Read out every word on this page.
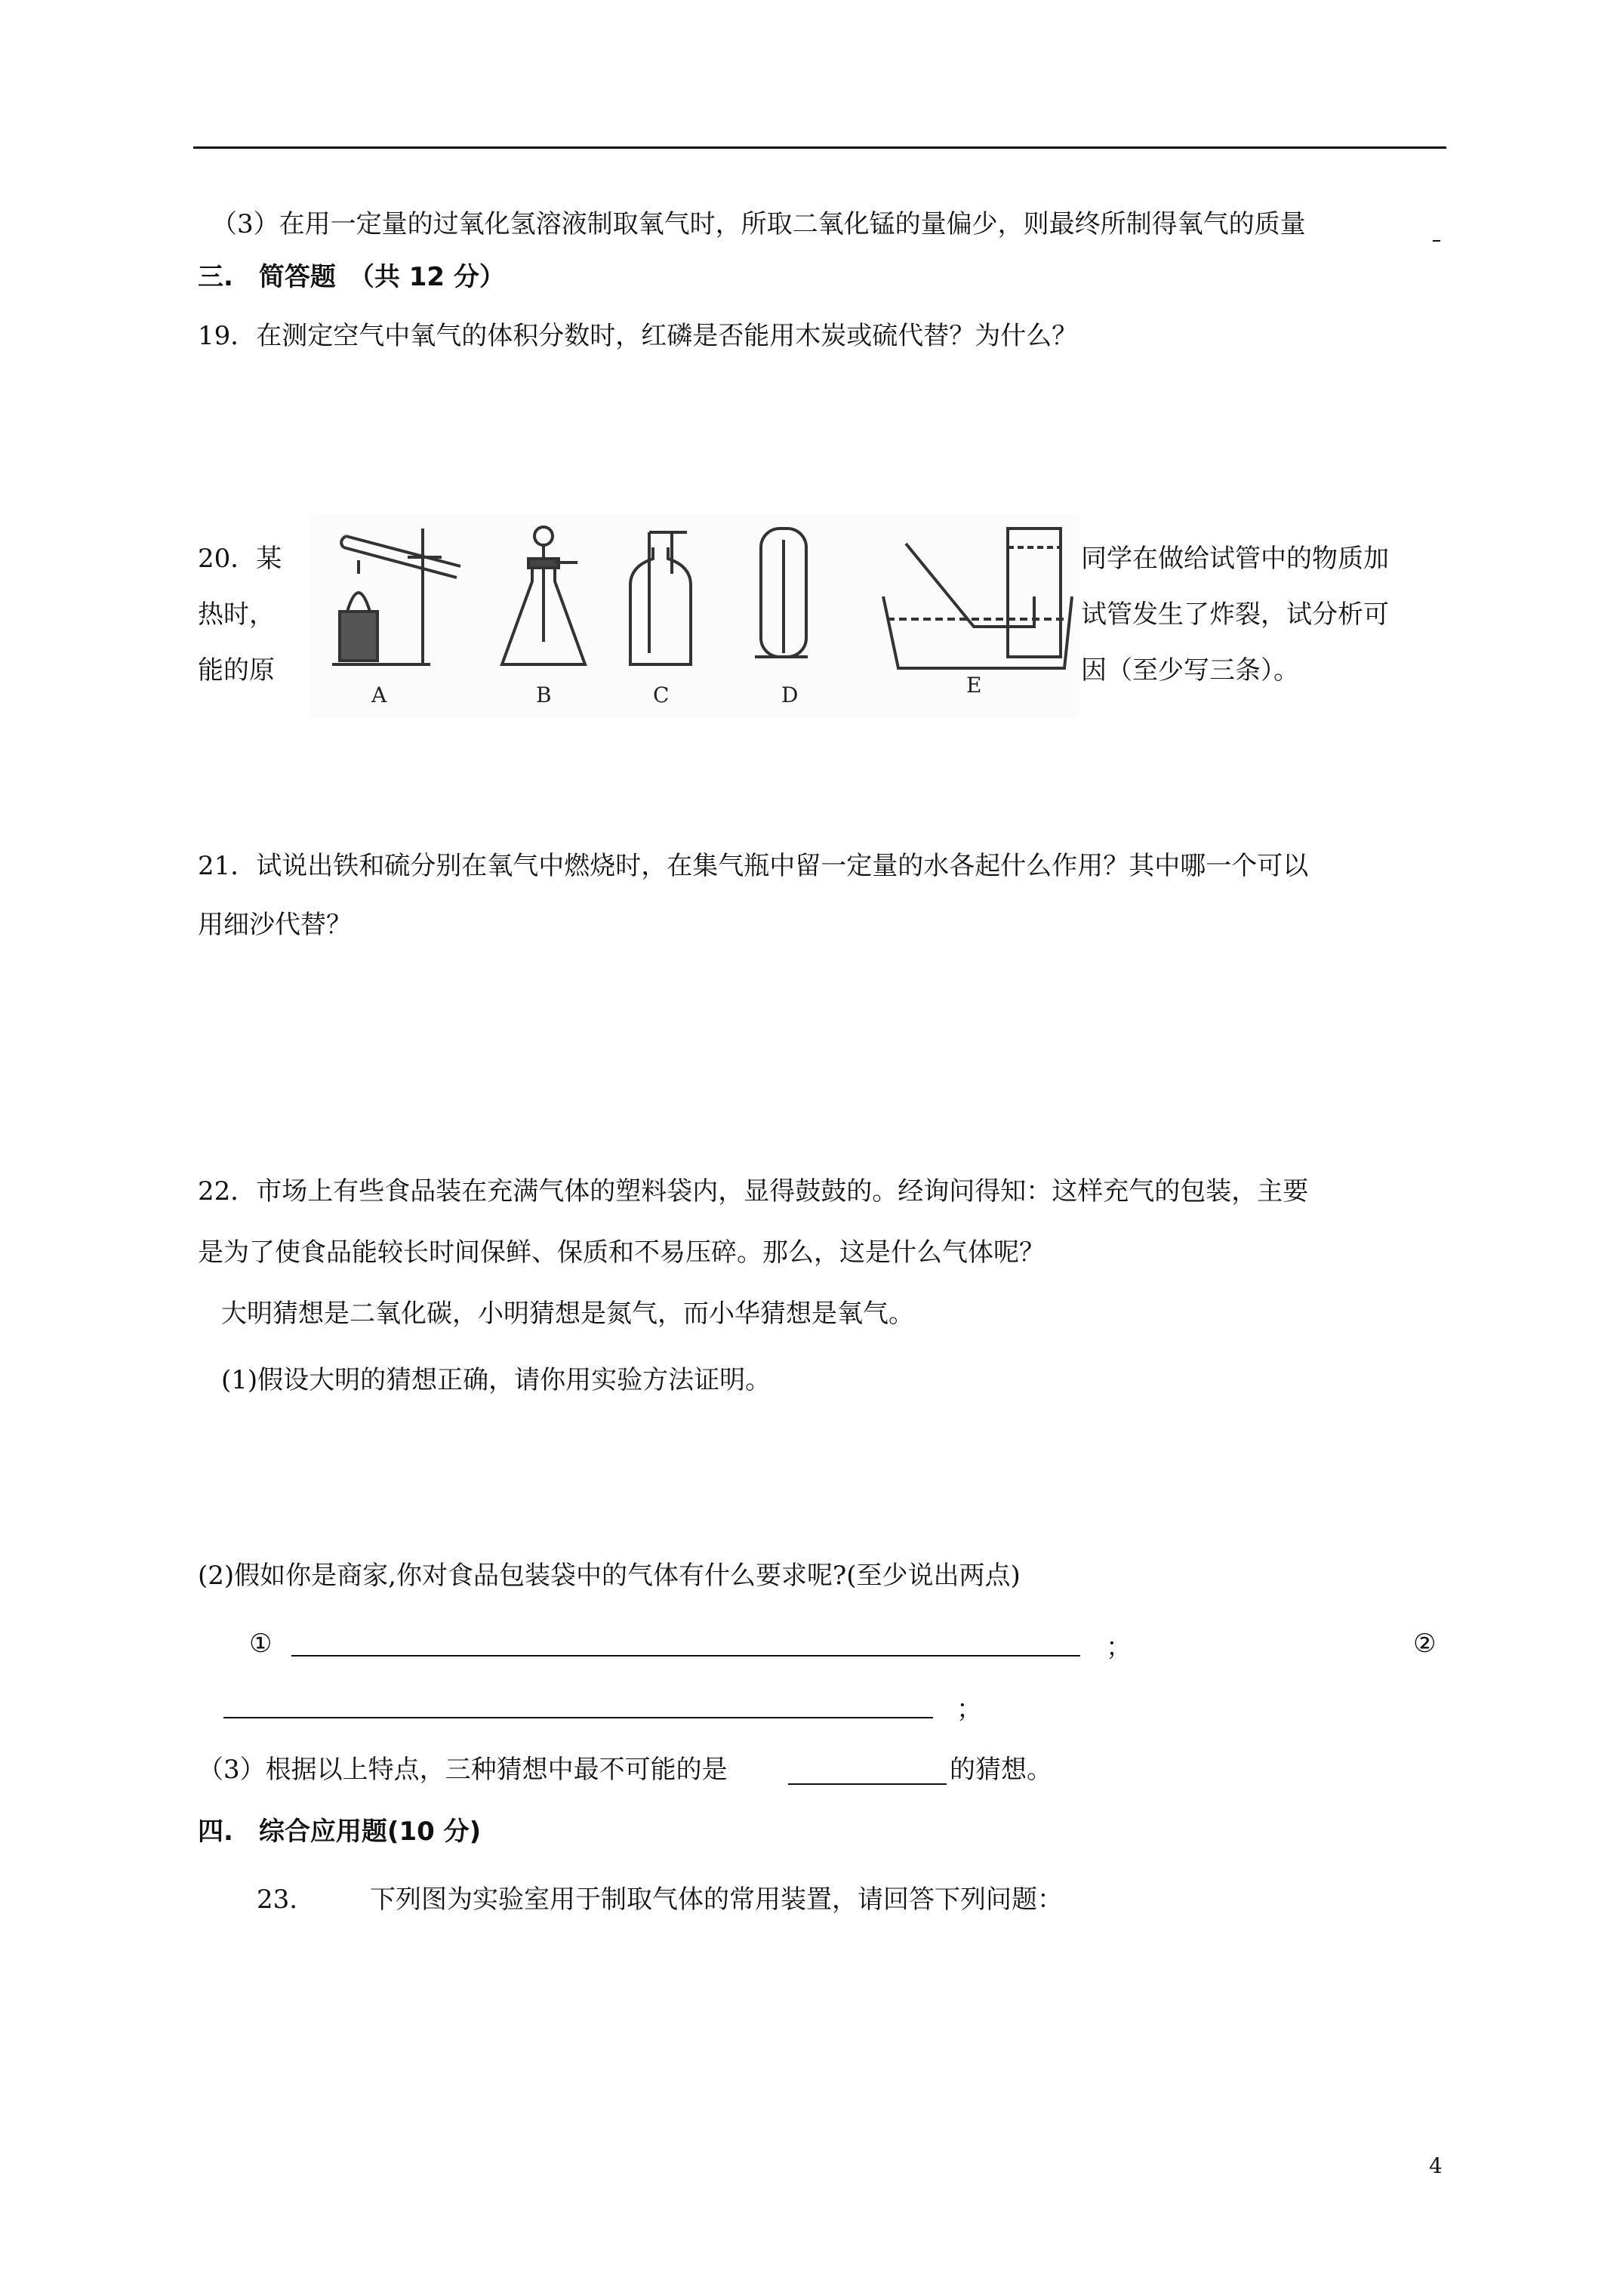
（3）在用一定量的过氧化氢溶液制取氧气时，所取二氧化锰的量偏少，则最终所制得氧气的质量
三.　简答题　（共 12 分）
19．在测定空气中氧气的体积分数时，红磷是否能用木炭或硫代替？为什么？
20．某
热时，
能的原
同学在做给试管中的物质加
试管发生了炸裂，试分析可
因（至少写三条）。
A	B	C	D	E
21．试说出铁和硫分别在氧气中燃烧时，在集气瓶中留一定量的水各起什么作用？其中哪一个可以
用细沙代替？
22．市场上有些食品装在充满气体的塑料袋内，显得鼓鼓的。经询问得知：这样充气的包装，主要
是为了使食品能较长时间保鲜、保质和不易压碎。那么，这是什么气体呢？
大明猜想是二氧化碳，小明猜想是氮气，而小华猜想是氧气。
(1)假设大明的猜想正确，请你用实验方法证明。
(2)假如你是商家,你对食品包装袋中的气体有什么要求呢?(至少说出两点)
①	；	②
；
（3）根据以上特点，三种猜想中最不可能的是	的猜想。
四.　综合应用题(10 分)
23.	下列图为实验室用于制取气体的常用装置，请回答下列问题：
4
